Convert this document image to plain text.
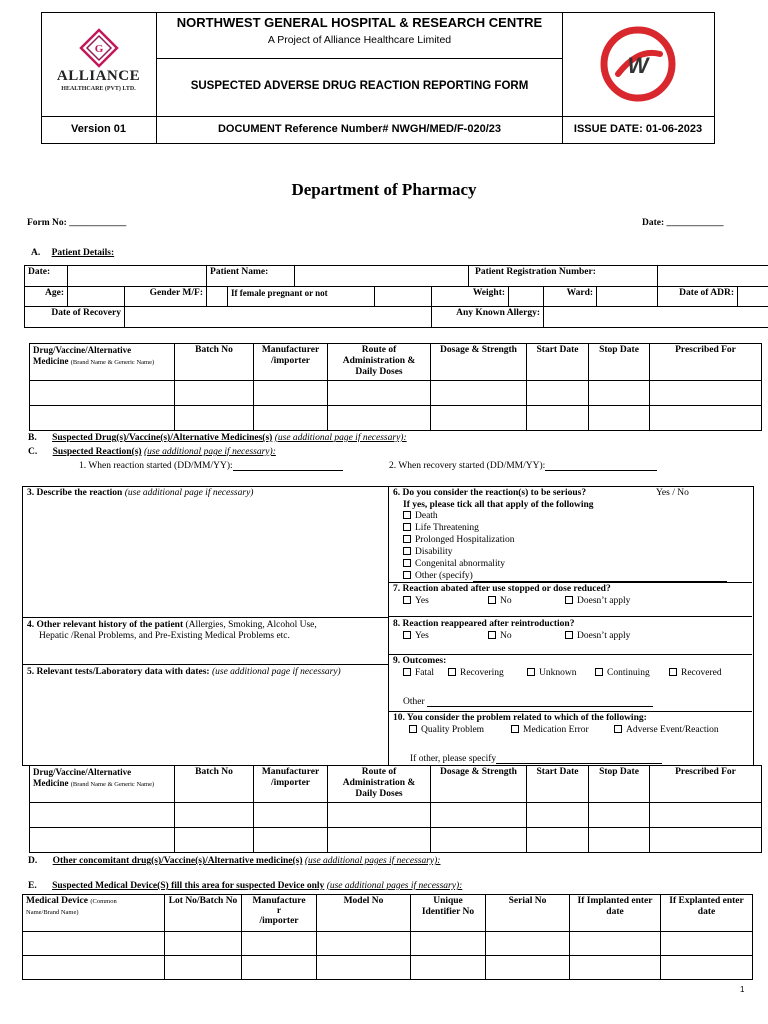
G
ALLIANCE
HEALTHCARE (PVT) LTD.
NORTHWEST GENERAL HOSPITAL & RESEARCH CENTRE
A Project of Alliance Healthcare Limited
SUSPECTED ADVERSE DRUG REACTION REPORTING FORM
W
Version 01	DOCUMENT Reference Number# NWGH/MED/F-020/23	ISSUE DATE: 01-06-2023
Department of Pharmacy
Form No: ____________	Date: ____________
A. Patient Details:
Date:			Patient Name:					Patient Registration Number:					
Age:		Gender M/F:		If female pregnant or not			Weight:			Ward:		Date of ADR:	
Date of Recovery							Any Known Allergy:						
Drug/Vaccine/Alternative
Medicine (Brand Name & Generic Name)	Batch No	Manufacturer /importer	Route of Administration & Daily Doses	Dosage & Strength	Start Date	Stop Date	Prescribed For

B. Suspected Drug(s)/Vaccine(s)/Alternative Medicines(s) (use additional page if necessary):
C. Suspected Reaction(s) (use additional page if necessary):
1. When reaction started (DD/MM/YY):	2. When recovery started (DD/MM/YY):
3. Describe the reaction (use additional page if necessary)
4. Other relevant history of the patient (Allergies, Smoking, Alcohol Use,
Hepatic /Renal Problems, and Pre-Existing Medical Problems etc.
5. Relevant tests/Laboratory data with dates: (use additional page if necessary)
6. Do you consider the reaction(s) to be serious?	Yes / No
If yes, please tick all that apply of the following
Death
Life Threatening
Prolonged Hospitalization
Disability
Congenital abnormality
Other (specify)
7. Reaction abated after use stopped or dose reduced?
Yes	No	Doesn’t apply
8. Reaction reappeared after reintroduction?
Yes	No	Doesn’t apply
9. Outcomes:
Fatal	Recovering	Unknown	Continuing	Recovered
Other
10. You consider the problem related to which of the following:
Quality Problem	Medication Error	Adverse Event/Reaction
If other, please specify
Drug/Vaccine/Alternative
Medicine (Brand Name & Generic Name)	Batch No	Manufacturer /importer	Route of Administration & Daily Doses	Dosage & Strength	Start Date	Stop Date	Prescribed For

D. Other concomitant drug(s)/Vaccine(s)/Alternative medicine(s) (use additional pages if necessary):
E. Suspected Medical Device(S) fill this area for suspected Device only (use additional pages if necessary):
Medical Device (Common
Name/Brand Name)	Lot No/Batch No	Manufacture
r
/importer	Model No	Unique Identifier No	Serial No	If Implanted enter date	If Explanted enter date

1
